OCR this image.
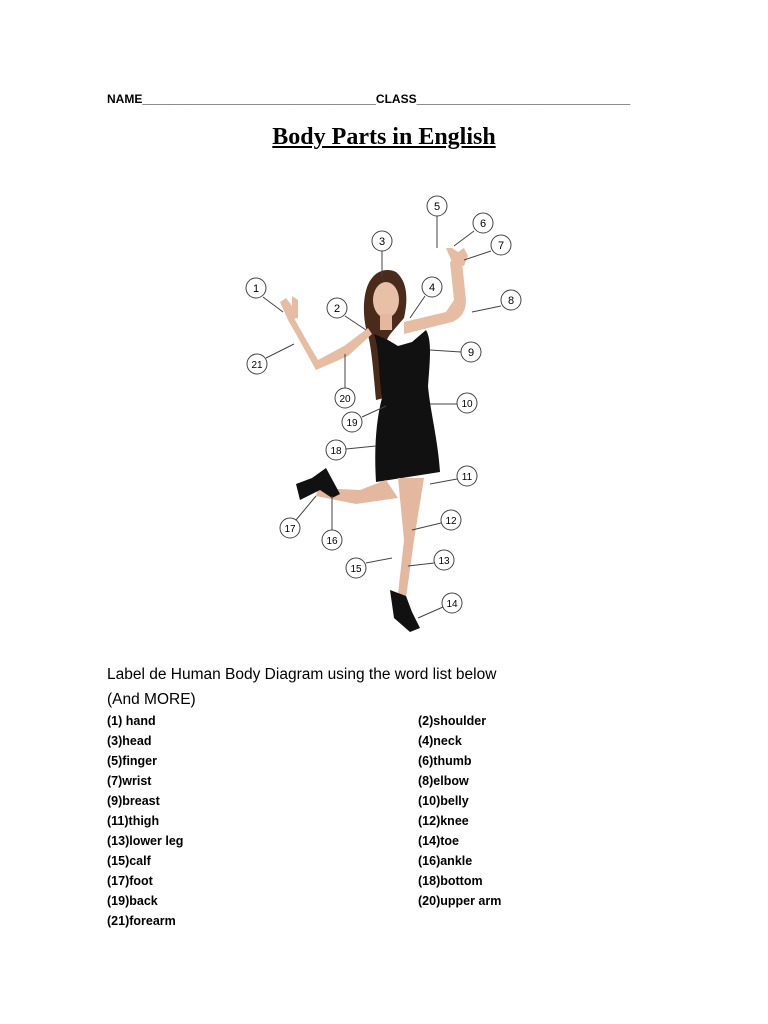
NAME___________________________________CLASS________________________________
Body Parts in English
1
2
3
4
5
6
7
8
9
10
11
12
13
14
15
16
17
18
19
20
21
Label de Human Body Diagram using the word list below
(And MORE)
(1) hand	(2)shoulder
(3)head	(4)neck
(5)finger	(6)thumb
(7)wrist	(8)elbow
(9)breast	(10)belly
(11)thigh	(12)knee
(13)lower leg	(14)toe
(15)calf	(16)ankle
(17)foot	(18)bottom
(19)back	(20)upper arm
(21)forearm
